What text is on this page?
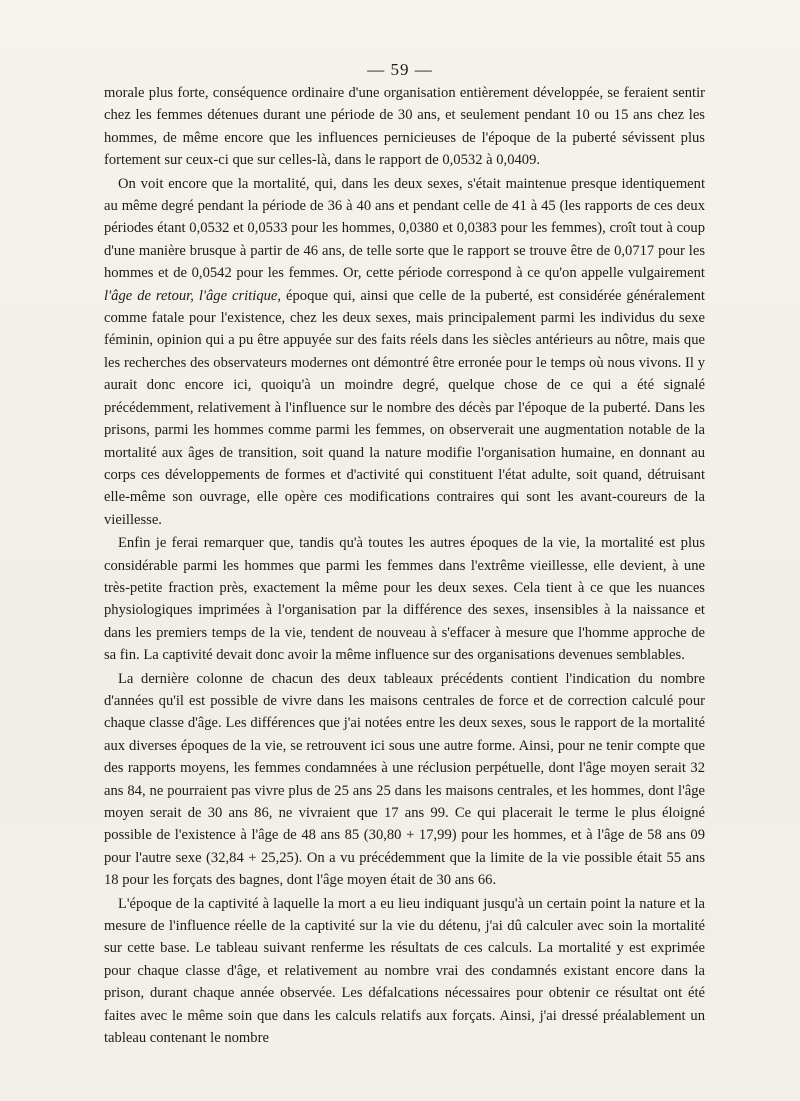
— 59 —

morale plus forte, conséquence ordinaire d'une organisation entièrement développée, se feraient sentir chez les femmes détenues durant une période de 30 ans, et seulement pendant 10 ou 15 ans chez les hommes, de même encore que les influences pernicieuses de l'époque de la puberté sévissent plus fortement sur ceux-ci que sur celles-là, dans le rapport de 0,0532 à 0,0409.

On voit encore que la mortalité, qui, dans les deux sexes, s'était maintenue presque identiquement au même degré pendant la période de 36 à 40 ans et pendant celle de 41 à 45 (les rapports de ces deux périodes étant 0,0532 et 0,0533 pour les hommes, 0,0380 et 0,0383 pour les femmes), croît tout à coup d'une manière brusque à partir de 46 ans, de telle sorte que le rapport se trouve être de 0,0717 pour les hommes et de 0,0542 pour les femmes. Or, cette période correspond à ce qu'on appelle vulgairement l'âge de retour, l'âge critique, époque qui, ainsi que celle de la puberté, est considérée généralement comme fatale pour l'existence, chez les deux sexes, mais principalement parmi les individus du sexe féminin, opinion qui a pu être appuyée sur des faits réels dans les siècles antérieurs au nôtre, mais que les recherches des observateurs modernes ont démontré être erronée pour le temps où nous vivons. Il y aurait donc encore ici, quoiqu'à un moindre degré, quelque chose de ce qui a été signalé précédemment, relativement à l'influence sur le nombre des décès par l'époque de la puberté. Dans les prisons, parmi les hommes comme parmi les femmes, on observerait une augmentation notable de la mortalité aux âges de transition, soit quand la nature modifie l'organisation humaine, en donnant au corps ces développements de formes et d'activité qui constituent l'état adulte, soit quand, détruisant elle-même son ouvrage, elle opère ces modifications contraires qui sont les avant-coureurs de la vieillesse.

Enfin je ferai remarquer que, tandis qu'à toutes les autres époques de la vie, la mortalité est plus considérable parmi les hommes que parmi les femmes dans l'extrême vieillesse, elle devient, à une très-petite fraction près, exactement la même pour les deux sexes. Cela tient à ce que les nuances physiologiques imprimées à l'organisation par la différence des sexes, insensibles à la naissance et dans les premiers temps de la vie, tendent de nouveau à s'effacer à mesure que l'homme approche de sa fin. La captivité devait donc avoir la même influence sur des organisations devenues semblables.

La dernière colonne de chacun des deux tableaux précédents contient l'indication du nombre d'années qu'il est possible de vivre dans les maisons centrales de force et de correction calculé pour chaque classe d'âge. Les différences que j'ai notées entre les deux sexes, sous le rapport de la mortalité aux diverses époques de la vie, se retrouvent ici sous une autre forme. Ainsi, pour ne tenir compte que des rapports moyens, les femmes condamnées à une réclusion perpétuelle, dont l'âge moyen serait 32 ans 84, ne pourraient pas vivre plus de 25 ans 25 dans les maisons centrales, et les hommes, dont l'âge moyen serait de 30 ans 86, ne vivraient que 17 ans 99. Ce qui placerait le terme le plus éloigné possible de l'existence à l'âge de 48 ans 85 (30,80 + 17,99) pour les hommes, et à l'âge de 58 ans 09 pour l'autre sexe (32,84 + 25,25). On a vu précédemment que la limite de la vie possible était 55 ans 18 pour les forçats des bagnes, dont l'âge moyen était de 30 ans 66.

L'époque de la captivité à laquelle la mort a eu lieu indiquant jusqu'à un certain point la nature et la mesure de l'influence réelle de la captivité sur la vie du détenu, j'ai dû calculer avec soin la mortalité sur cette base. Le tableau suivant renferme les résultats de ces calculs. La mortalité y est exprimée pour chaque classe d'âge, et relativement au nombre vrai des condamnés existant encore dans la prison, durant chaque année observée. Les défalcations nécessaires pour obtenir ce résultat ont été faites avec le même soin que dans les calculs relatifs aux forçats. Ainsi, j'ai dressé préalablement un tableau contenant le nombre
